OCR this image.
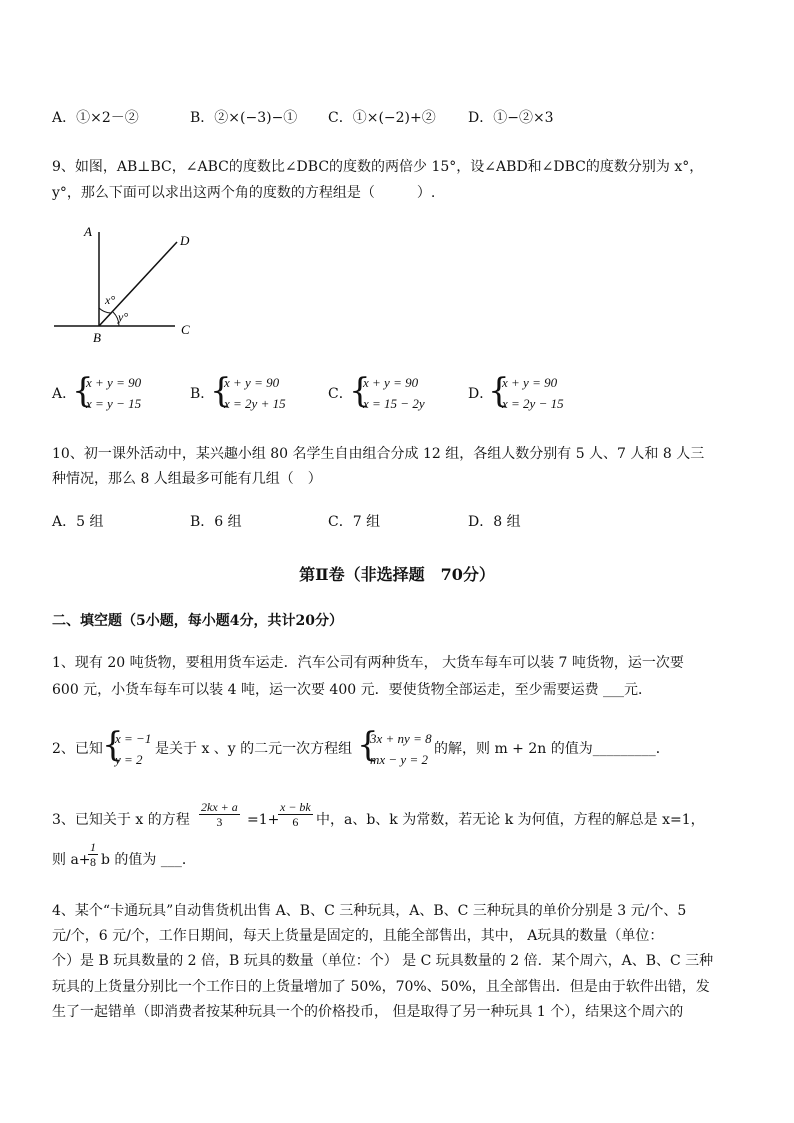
A．①×2－②	B．②×(−3)−① C．①×(−2)+② D．①−②×3
9、如图，AB⊥BC，∠ABC的度数比∠DBC的度数的两倍少 15°，设∠ABD和∠DBC的度数分别为 x°，
y°，那么下面可以求出这两个角的度数的方程组是（　　　）.
A
D
B
C
x°
y°
A．
{
x + y = 90
x = y − 15
B．
{
x + y = 90
x = 2y + 15
C．
{
x + y = 90
x = 15 − 2y
D．
{
x + y = 90
x = 2y − 15
10、初一课外活动中，某兴趣小组 80 名学生自由组合分成 12 组，各组人数分别有 5 人、7 人和 8 人三
种情况，那么 8 人组最多可能有几组（　）
A．5 组	B．6 组	C．7 组	D．8 组
第Ⅱ卷（非选择题　70分）
二、填空题（5小题，每小题4分，共计20分）
1、现有 20 吨货物，要租用货车运走．汽车公司有两种货车， 大货车每车可以装 7 吨货物，运一次要
600 元，小货车每车可以装 4 吨，运一次要 400 元．要使货物全部运走，至少需要运费 ___元．
2、已知 {
x = −1
y = 2
是关于 x 、y 的二元一次方程组 {
3x + ny = 8
mx − y = 2
的解，则 m + 2n 的值为_________．
3、已知关于 x 的方程 $\frac{2kx + a}{3} =1+$
$\frac{x - bk}{6}$ 中，a、b、k 为常数，若无论 k 为何值，方程的解总是 x=1，
则 a+
$\frac{1}{8}$ b 的值为 ___．
4、某个“卡通玩具”自动售货机出售 A、B、C 三种玩具，A、B、C 三种玩具的单价分别是 3 元/个、5
元/个，6 元/个，工作日期间，每天上货量是固定的，且能全部售出，其中， A玩具的数量（单位：
个）是 B 玩具数量的 2 倍，B 玩具的数量（单位：个） 是 C 玩具数量的 2 倍．某个周六，A、B、C 三种
玩具的上货量分别比一个工作日的上货量增加了 50%，70%、50%，且全部售出．但是由于软件出错，发
生了一起错单（即消费者按某种玩具一个的价格投币， 但是取得了另一种玩具 1 个），结果这个周六的
